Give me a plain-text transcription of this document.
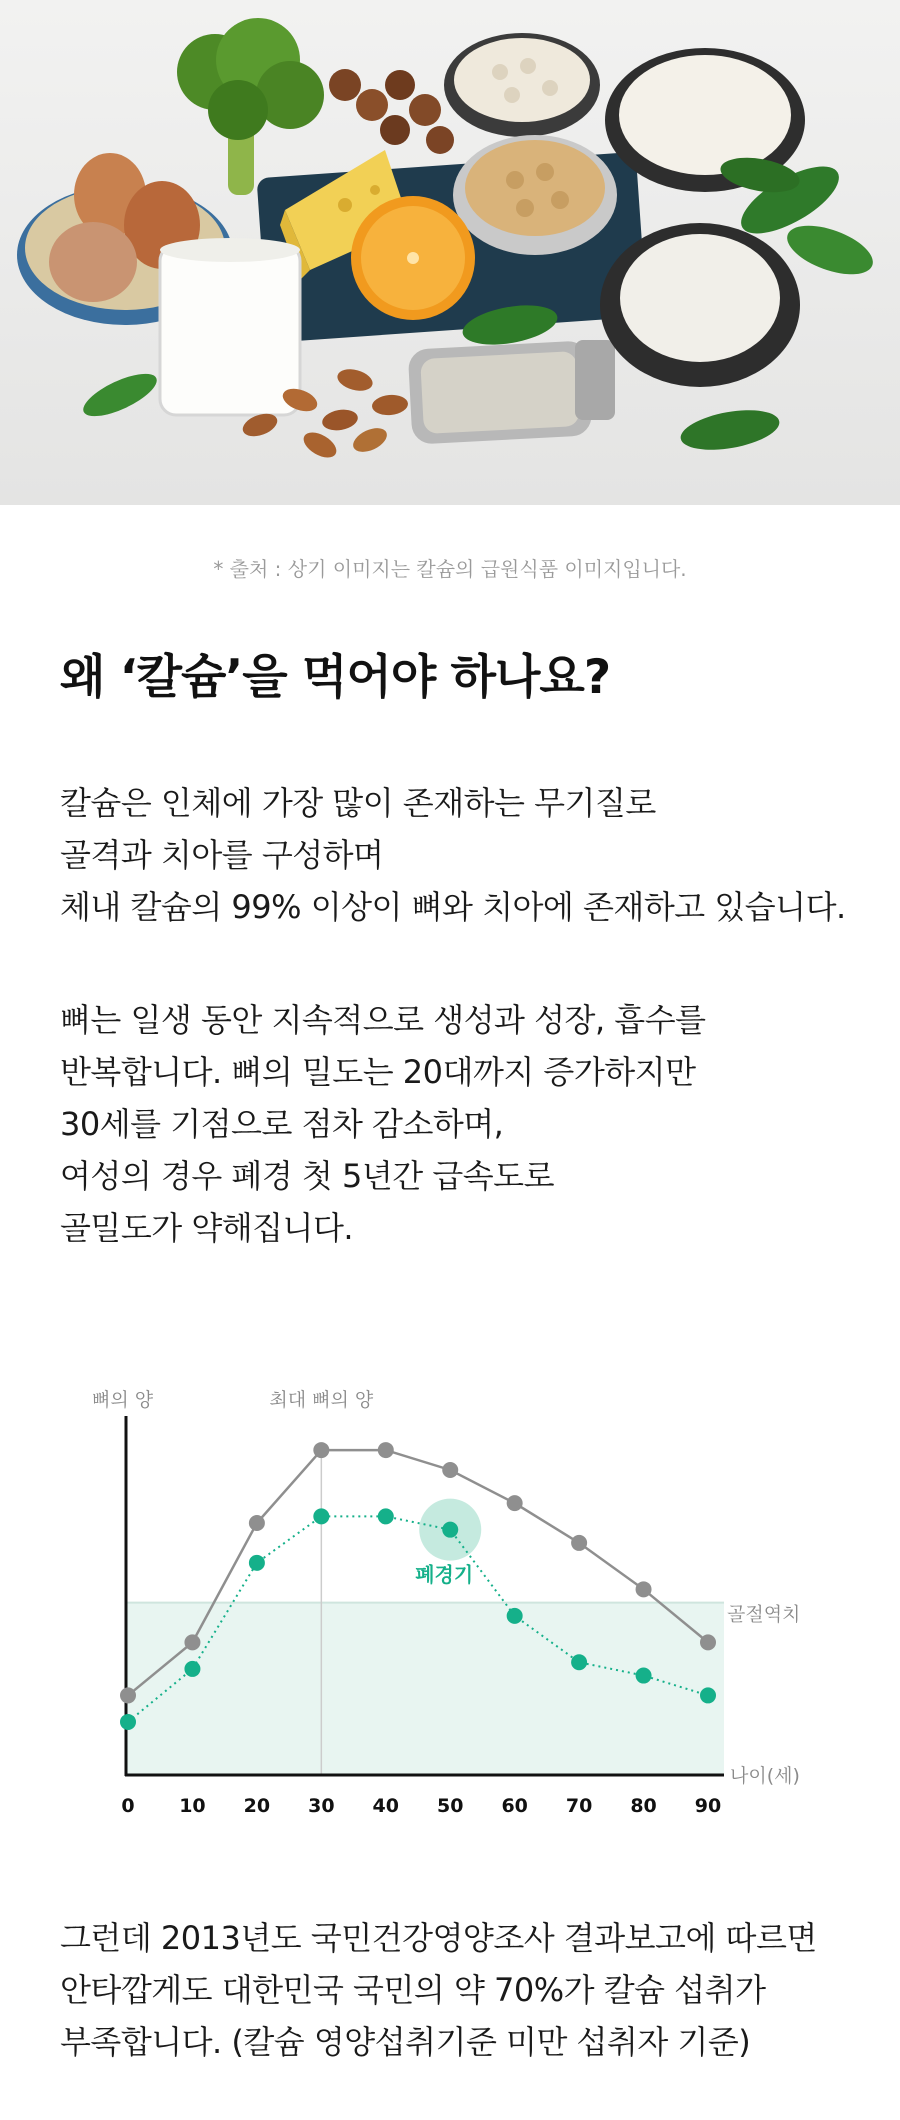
* 출처 : 상기 이미지는 칼슘의 급원식품 이미지입니다.
왜 ‘칼슘’을 먹어야 하나요?
칼슘은 인체에 가장 많이 존재하는 무기질로
골격과 치아를 구성하며
체내 칼슘의 99% 이상이 뼈와 치아에 존재하고 있습니다.
뼈는 일생 동안 지속적으로 생성과 성장, 흡수를
반복합니다. 뼈의 밀도는 20대까지 증가하지만
30세를 기점으로 점차 감소하며,
여성의 경우 폐경 첫 5년간 급속도로
골밀도가 약해집니다.
뼈의 양
나이(세)
0 10 20 30 40 50 60 70 80 90
최대 뼈의 양
골절역치
폐경기
그런데 2013년도 국민건강영양조사 결과보고에 따르면
안타깝게도 대한민국 국민의 약 70%가 칼슘 섭취가
부족합니다. (칼슘 영양섭취기준 미만 섭취자 기준)
